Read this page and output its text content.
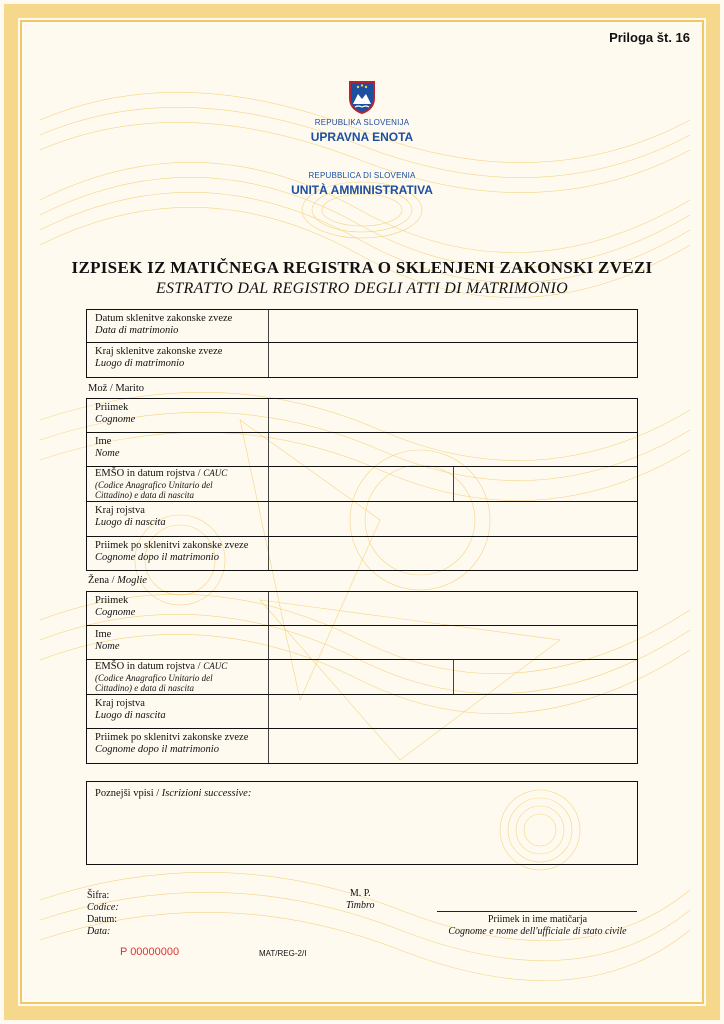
Priloga št. 16
REPUBLIKA SLOVENIJA
UPRAVNA ENOTA
REPUBBLICA DI SLOVENIA
UNITÀ AMMINISTRATIVA
IZPISEK IZ MATIČNEGA REGISTRA O SKLENJENI ZAKONSKI ZVEZI
ESTRATTO DAL REGISTRO DEGLI ATTI DI MATRIMONIO
Datum sklenitve zakonske zveze
Data di matrimonio
Kraj sklenitve zakonske zveze
Luogo di matrimonio
Mož / Marito
Priimek
Cognome
Ime
Nome
EMŠO in datum rojstva / CAUC
(Codice Anagrafico Unitario del
Cittadino) e data di nascita
Kraj rojstva
Luogo di nascita
Priimek po sklenitvi zakonske zveze
Cognome dopo il matrimonio
Žena / Moglie
Priimek
Cognome
Ime
Nome
EMŠO in datum rojstva / CAUC
(Codice Anagrafico Unitario del
Cittadino) e data di nascita
Kraj rojstva
Luogo di nascita
Priimek po sklenitvi zakonske zveze
Cognome dopo il matrimonio
Poznejši vpisi / Iscrizioni successive:
Šifra:
Codice:
Datum:
Data:
M. P.
Timbro
Priimek in ime matičarja
Cognome e nome dell'ufficiale di stato civile
P 00000000	MAT/REG-2/I
